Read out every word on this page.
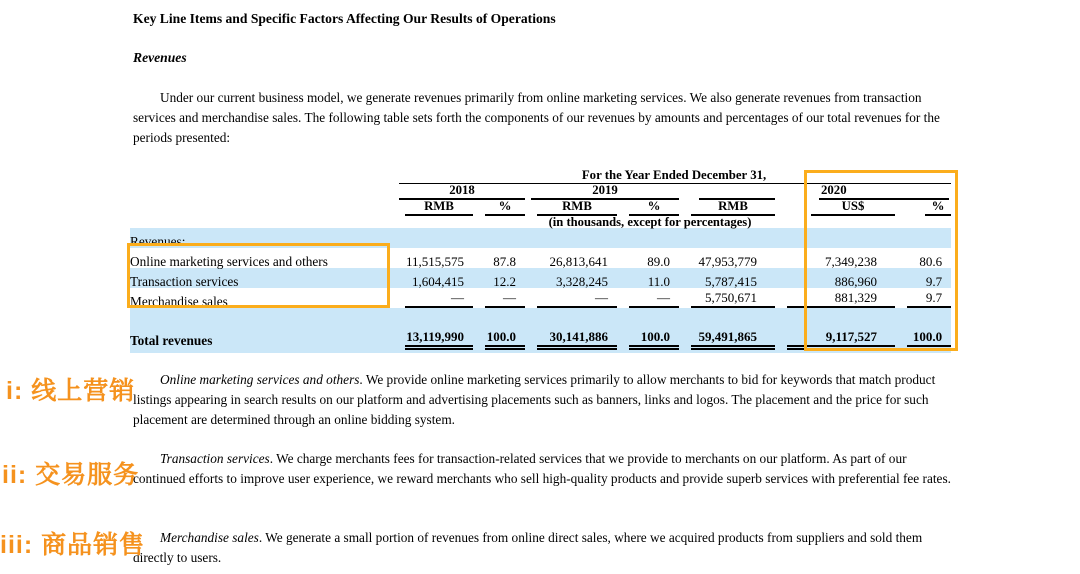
Key Line Items and Specific Factors Affecting Our Results of Operations
Revenues

Under our current business model, we generate revenues primarily from online marketing services. We also generate revenues from transaction services and merchandise sales. The following table sets forth the components of our revenues by amounts and percentages of our total revenues for the periods presented:

	For the Year Ended December 31,						

	2018		2019			2020	

	RMB	%	RMB	%	RMB	US$	%

			(in thousands, except for percentages)				
Revenues:							
Online marketing services and others	11,515,575	87.8	26,813,641	89.0	47,953,779	7,349,238	80.6

Transaction services	1,604,415	12.2	3,328,245	11.0	5,787,415	886,960	9.7

Merchandise sales	—	—	—	—	5,750,671	881,329	9.7

Total revenues	13,119,990	100.0	30,141,886	100.0	59,491,865	9,117,527	100.0

Online marketing services and others. We provide online marketing services primarily to allow merchants to bid for keywords that match product listings appearing in search results on our platform and advertising placements such as banners, links and logos. The placement and the price for such placement are determined through an online bidding system.

Transaction services. We charge merchants fees for transaction-related services that we provide to merchants on our platform. As part of our continued efforts to improve user experience, we reward merchants who sell high-quality products and provide superb services with preferential fee rates.

Merchandise sales. We generate a small portion of revenues from online direct sales, where we acquired products from suppliers and sold them directly to users.

i: 线上营销
ii: 交易服务
iii: 商品销售
